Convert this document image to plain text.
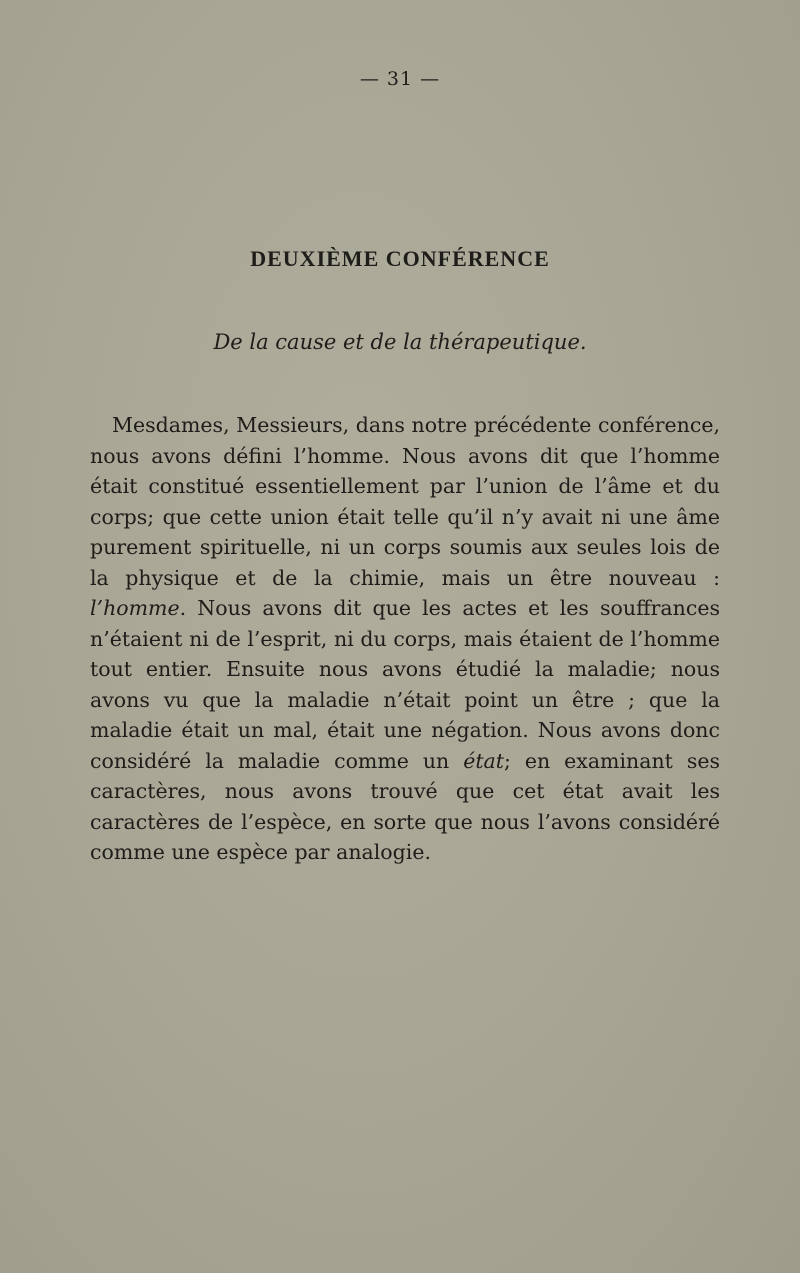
— 31 —
DEUXIÈME CONFÉRENCE
De la cause et de la thérapeutique.

Mesdames, Messieurs, dans notre précédente conférence, nous avons défini l’homme. Nous avons dit que l’homme était constitué essentiellement par l’union de l’âme et du corps; que cette union était telle qu’il n’y avait ni une âme purement spirituelle, ni un corps soumis aux seules lois de la physique et de la chimie, mais un être nouveau : l’homme. Nous avons dit que les actes et les souffrances n’étaient ni de l’esprit, ni du corps, mais étaient de l’homme tout entier. Ensuite nous avons étudié la maladie; nous avons vu que la maladie n’était point un être ; que la maladie était un mal, était une négation. Nous avons donc considéré la maladie comme un état; en examinant ses caractères, nous avons trouvé que cet état avait les caractères de l’espèce, en sorte que nous l’avons considéré comme une espèce par analogie.
